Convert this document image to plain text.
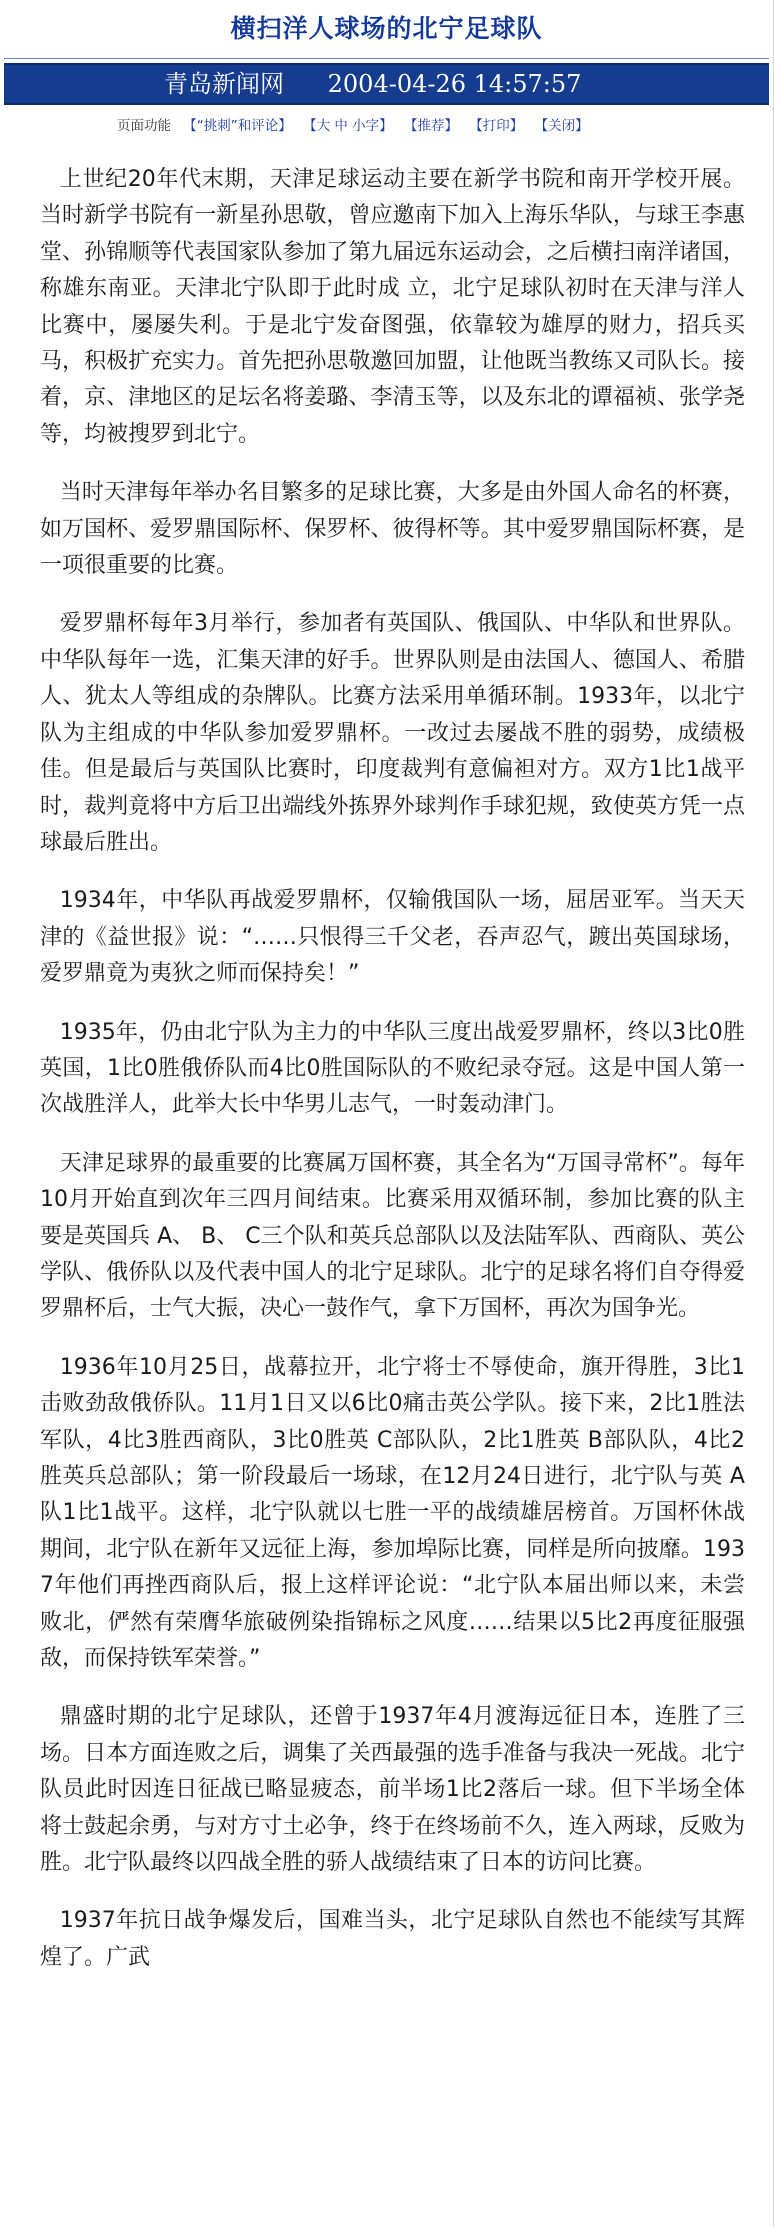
横扫洋人球场的北宁足球队
青岛新闻网 2004-04-26 14:57:57
页面功能 【“挑刺”和评论】 【大 中 小字】 【推荐】 【打印】 【关闭】

上世纪20年代末期，天津足球运动主要在新学书院和南开学校开展。当时新学书院有一新星孙思敬，曾应邀南下加入上海乐华队，与球王李惠堂、孙锦顺等代表国家队参加了第九届远东运动会，之后横扫南洋诸国，称雄东南亚。天津北宁队即于此时成 立，北宁足球队初时在天津与洋人比赛中，屡屡失利。于是北宁发奋图强，依靠较为雄厚的财力，招兵买马，积极扩充实力。首先把孙思敬邀回加盟，让他既当教练又司队长。接着，京、津地区的足坛名将姜璐、李清玉等，以及东北的谭福祯、张学尧等，均被搜罗到北宁。

当时天津每年举办名目繁多的足球比赛，大多是由外国人命名的杯赛，如万国杯、爱罗鼎国际杯、保罗杯、彼得杯等。其中爱罗鼎国际杯赛，是一项很重要的比赛。

爱罗鼎杯每年3月举行，参加者有英国队、俄国队、中华队和世界队。中华队每年一选，汇集天津的好手。世界队则是由法国人、德国人、希腊人、犹太人等组成的杂牌队。比赛方法采用单循环制。1933年，以北宁队为主组成的中华队参加爱罗鼎杯。一改过去屡战不胜的弱势，成绩极佳。但是最后与英国队比赛时，印度裁判有意偏袒对方。双方1比1战平时，裁判竟将中方后卫出端线外拣界外球判作手球犯规，致使英方凭一点球最后胜出。

1934年，中华队再战爱罗鼎杯，仅输俄国队一场，屈居亚军。当天天津的《益世报》说：“……只恨得三千父老，吞声忍气，踱出英国球场，爱罗鼎竟为夷狄之师而保持矣！”

1935年，仍由北宁队为主力的中华队三度出战爱罗鼎杯，终以3比0胜英国，1比0胜俄侨队而4比0胜国际队的不败纪录夺冠。这是中国人第一次战胜洋人，此举大长中华男儿志气，一时轰动津门。

天津足球界的最重要的比赛属万国杯赛，其全名为“万国寻常杯”。每年10月开始直到次年三四月间结束。比赛采用双循环制，参加比赛的队主要是英国兵 A、 B、 C三个队和英兵总部队以及法陆军队、西商队、英公学队、俄侨队以及代表中国人的北宁足球队。北宁的足球名将们自夺得爱罗鼎杯后，士气大振，决心一鼓作气，拿下万国杯，再次为国争光。

1936年10月25日，战幕拉开，北宁将士不辱使命，旗开得胜，3比1击败劲敌俄侨队。11月1日又以6比0痛击英公学队。接下来，2比1胜法军队，4比3胜西商队，3比0胜英 C部队队，2比1胜英 B部队队，4比2胜英兵总部队；第一阶段最后一场球，在12月24日进行，北宁队与英 A队1比1战平。这样，北宁队就以七胜一平的战绩雄居榜首。万国杯休战期间，北宁队在新年又远征上海，参加埠际比赛，同样是所向披靡。1937年他们再挫西商队后，报上这样评论说：“北宁队本届出师以来，未尝败北，俨然有荣膺华旅破例染指锦标之风度……结果以5比2再度征服强敌，而保持铁军荣誉。”

鼎盛时期的北宁足球队，还曾于1937年4月渡海远征日本，连胜了三场。日本方面连败之后，调集了关西最强的选手准备与我决一死战。北宁队员此时因连日征战已略显疲态，前半场1比2落后一球。但下半场全体将士鼓起余勇，与对方寸土必争，终于在终场前不久，连入两球，反败为胜。北宁队最终以四战全胜的骄人战绩结束了日本的访问比赛。

1937年抗日战争爆发后，国难当头，北宁足球队自然也不能续写其辉煌了。广武
